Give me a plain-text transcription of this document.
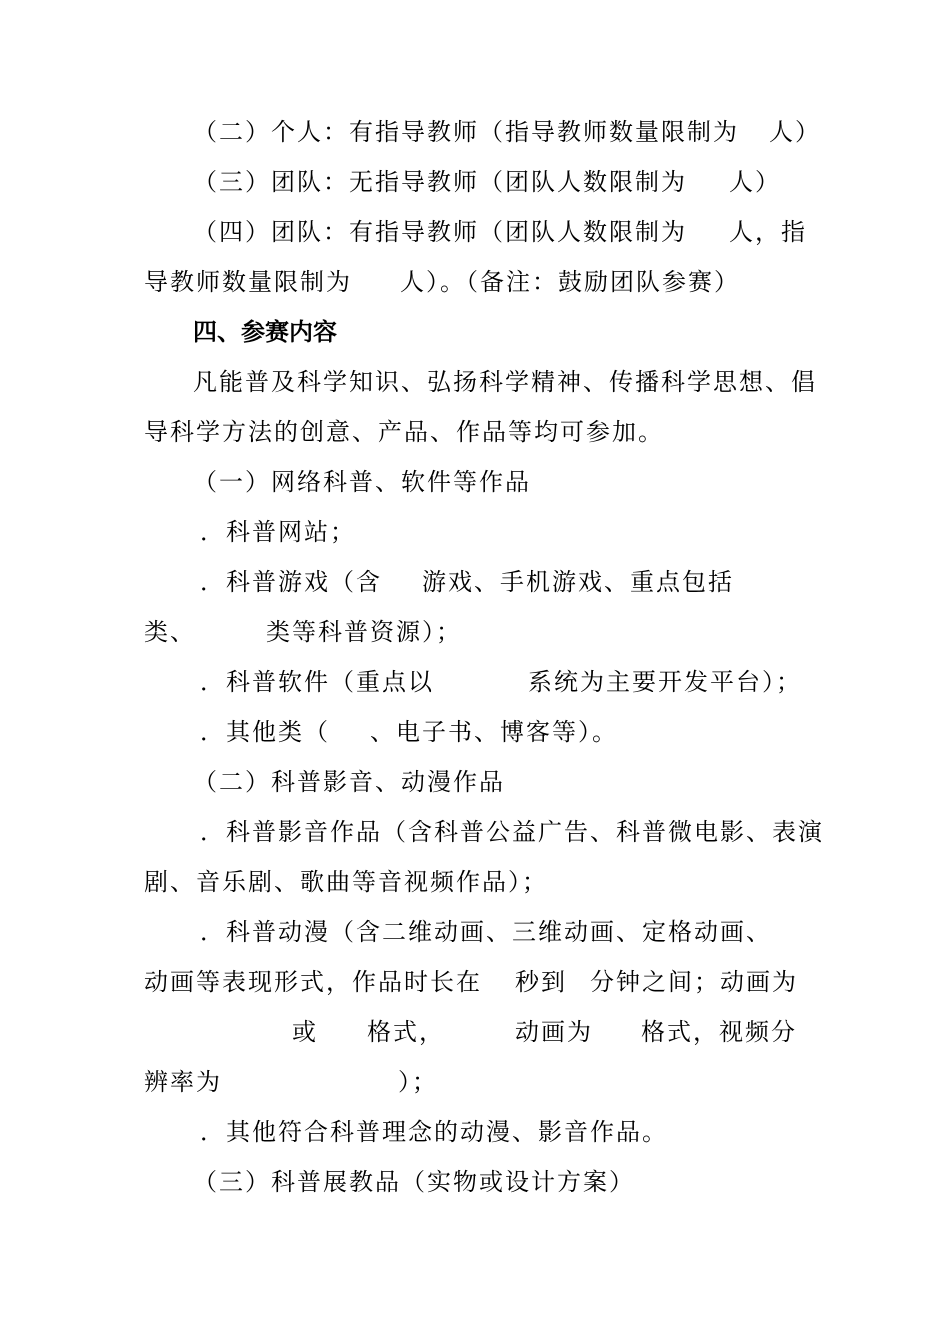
（二）个人：有指导教师（指导教师数量限制为 人）
（三）团队：无指导教师（团队人数限制为 人）
（四）团队：有指导教师（团队人数限制为 人，指
导教师数量限制为 人）。（备注：鼓励团队参赛）
四、参赛内容
凡能普及科学知识、弘扬科学精神、传播科学思想、倡
导科学方法的创意、产品、作品等均可参加。
（一）网络科普、软件等作品
．科普网站；
．科普游戏（含 游戏、手机游戏、重点包括
类、	类等科普资源）；
．科普软件（重点以	系统为主要开发平台）；
．其他类（ 、电子书、博客等）。
（二）科普影音、动漫作品
．科普影音作品（含科普公益广告、科普微电影、表演
剧、音乐剧、歌曲等音视频作品）；
．科普动漫（含二维动画、三维动画、定格动画、
动画等表现形式，作品时长在 秒到 分钟之间；动画为
或 格式，	动画为 格式，视频分
辨率为	）；
．其他符合科普理念的动漫、影音作品。
（三）科普展教品（实物或设计方案）
